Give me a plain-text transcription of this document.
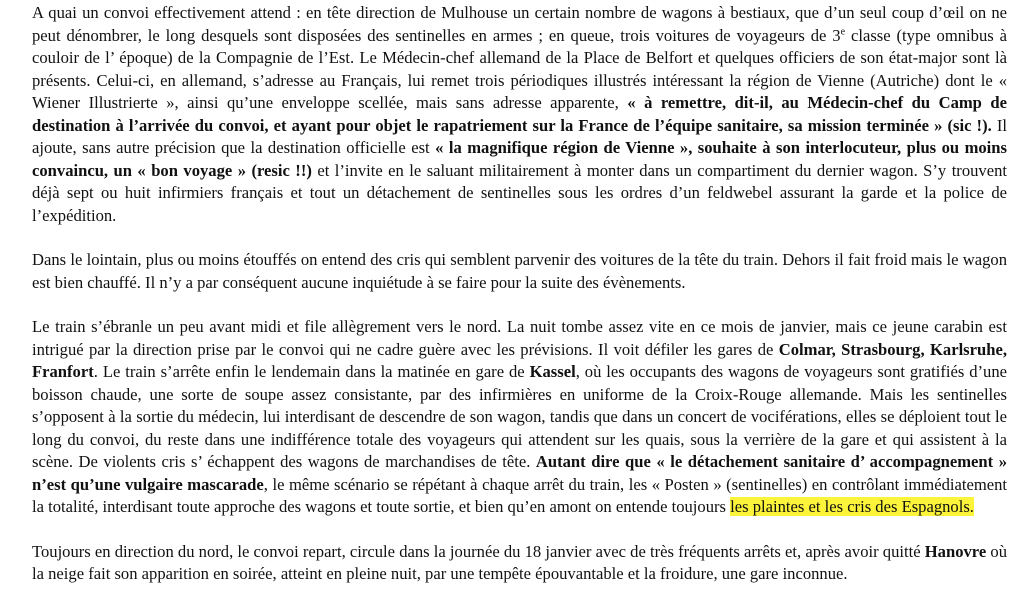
A quai un convoi effectivement attend : en tête direction de Mulhouse un certain nombre de wagons à bestiaux, que d’un seul coup d’œil on ne peut dénombrer, le long desquels sont disposées des sentinelles en armes ; en queue, trois voitures de voyageurs de 3e classe (type omnibus à couloir de l’ époque) de la Compagnie de l’Est. Le Médecin-chef allemand de la Place de Belfort et quelques officiers de son état-major sont là présents. Celui-ci, en allemand, s’adresse au Français, lui remet trois périodiques illustrés intéressant la région de Vienne (Autriche) dont le « Wiener Illustrierte », ainsi qu’une enveloppe scellée, mais sans adresse apparente, « à remettre, dit-il, au Médecin-chef du Camp de destination à l’arrivée du convoi, et ayant pour objet le rapatriement sur la France de l’équipe sanitaire, sa mission terminée » (sic !). Il ajoute, sans autre précision que la destination officielle est « la magnifique région de Vienne », souhaite à son interlocuteur, plus ou moins convaincu, un « bon voyage » (resic !!) et l’invite en le saluant militairement à monter dans un compartiment du dernier wagon. S’y trouvent déjà sept ou huit infirmiers français et tout un détachement de sentinelles sous les ordres d’un feldwebel assurant la garde et la police de l’expédition.

Dans le lointain, plus ou moins étouffés on entend des cris qui semblent parvenir des voitures de la tête du train. Dehors il fait froid mais le wagon est bien chauffé. Il n’y a par conséquent aucune inquiétude à se faire pour la suite des évènements.

Le train s’ébranle un peu avant midi et file allègrement vers le nord. La nuit tombe assez vite en ce mois de janvier, mais ce jeune carabin est intrigué par la direction prise par le convoi qui ne cadre guère avec les prévisions. Il voit défiler les gares de Colmar, Strasbourg, Karlsruhe, Franfort. Le train s’arrête enfin le lendemain dans la matinée en gare de Kassel, où les occupants des wagons de voyageurs sont gratifiés d’une boisson chaude, une sorte de soupe assez consistante, par des infirmières en uniforme de la Croix-Rouge allemande. Mais les sentinelles s’opposent à la sortie du médecin, lui interdisant de descendre de son wagon, tandis que dans un concert de vociférations, elles se déploient tout le long du convoi, du reste dans une indifférence totale des voyageurs qui attendent sur les quais, sous la verrière de la gare et qui assistent à la scène. De violents cris s’ échappent des wagons de marchandises de tête. Autant dire que « le détachement sanitaire d’ accompagnement » n’est qu’une vulgaire mascarade, le même scénario se répétant à chaque arrêt du train, les « Posten » (sentinelles) en contrôlant immédiatement la totalité, interdisant toute approche des wagons et toute sortie, et bien qu’en amont on entende toujours les plaintes et les cris des Espagnols.

Toujours en direction du nord, le convoi repart, circule dans la journée du 18 janvier avec de très fréquents arrêts et, après avoir quitté Hanovre où la neige fait son apparition en soirée, atteint en pleine nuit, par une tempête épouvantable et la froidure, une gare inconnue.
